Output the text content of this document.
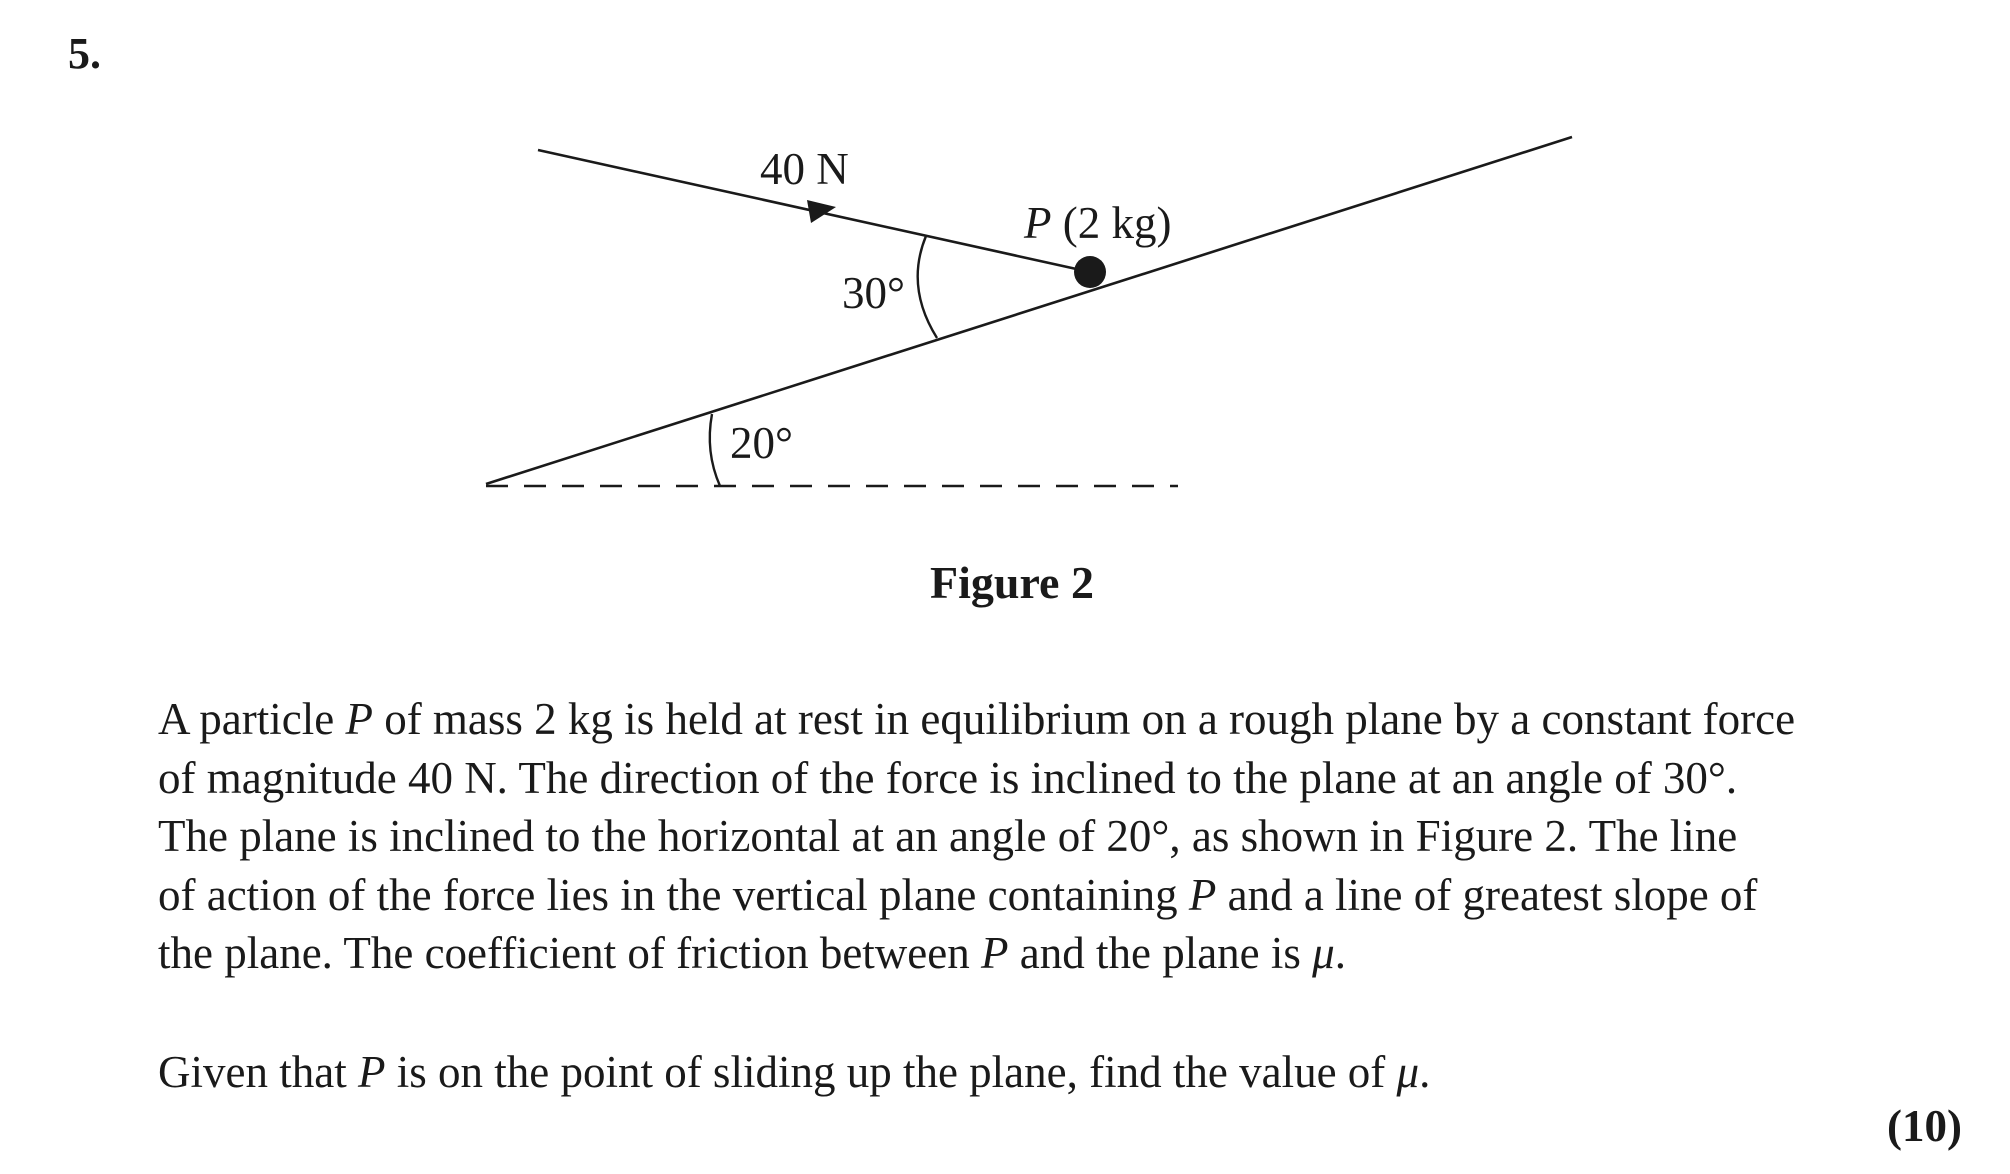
5.
40 N
P (2 kg)
30°
20°
Figure 2
A particle P of mass 2 kg is held at rest in equilibrium on a rough plane by a constant force
of magnitude 40 N. The direction of the force is inclined to the plane at an angle of 30°.
The plane is inclined to the horizontal at an angle of 20°, as shown in Figure 2. The line
of action of the force lies in the vertical plane containing P and a line of greatest slope of
the plane. The coefficient of friction between P and the plane is μ.
Given that P is on the point of sliding up the plane, find the value of μ.
(10)
